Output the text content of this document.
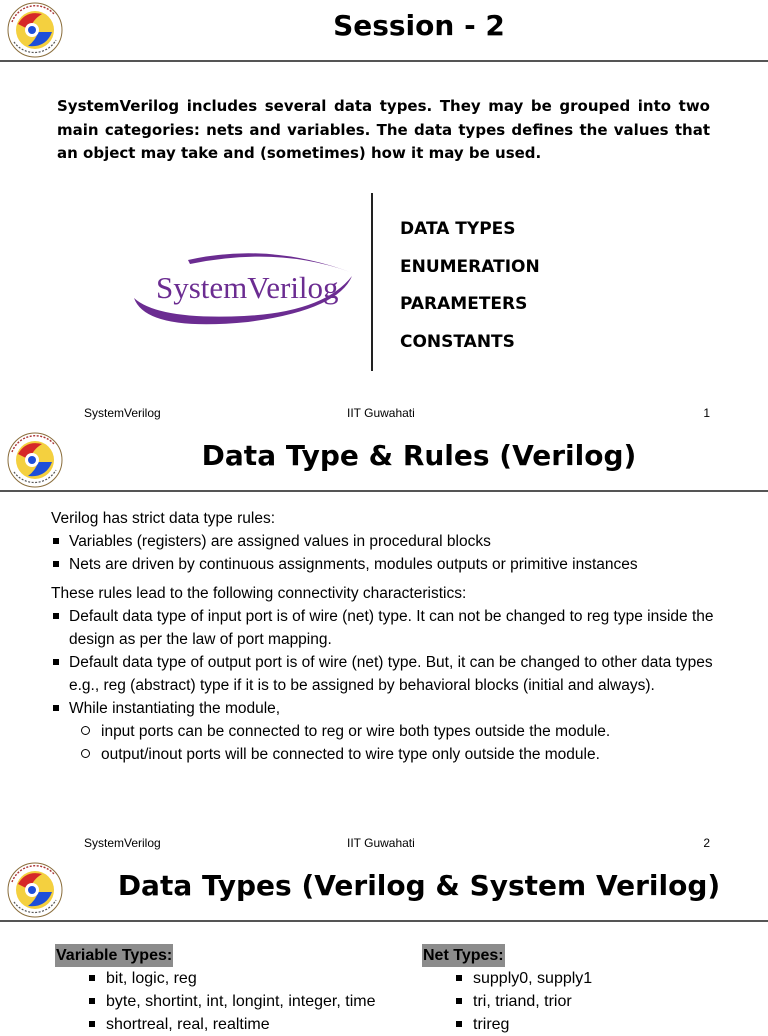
Session - 2
SystemVerilog includes several data types. They may be grouped into two main categories: nets and variables. The data types defines the values that an object may take and (sometimes) how it may be used.
SystemVerilog
DATA TYPES
ENUMERATION
PARAMETERS
CONSTANTS
SystemVerilog	IIT Guwahati	1
Data Type & Rules (Verilog)

Verilog has strict data type rules:

Variables (registers) are assigned values in procedural blocks
Nets are driven by continuous assignments, modules outputs or primitive instances

These rules lead to the following connectivity characteristics:

Default data type of input port is of wire (net) type. It can not be changed to reg type inside the design as per the law of port mapping.
Default data type of output port is of wire (net) type. But, it can be changed to other data types e.g., reg (abstract) type if it is to be assigned by behavioral blocks (initial and always).
While instantiating the module,
input ports can be connected to reg or wire both types outside the module.
output/inout ports will be connected to wire type only outside the module.
SystemVerilog	IIT Guwahati	2
Data Types (Verilog & System Verilog)
Variable Types:
bit, logic, reg
byte, shortint, int, longint, integer, time
shortreal, real, realtime
Net Types:
supply0, supply1
tri, triand, trior
trireg
